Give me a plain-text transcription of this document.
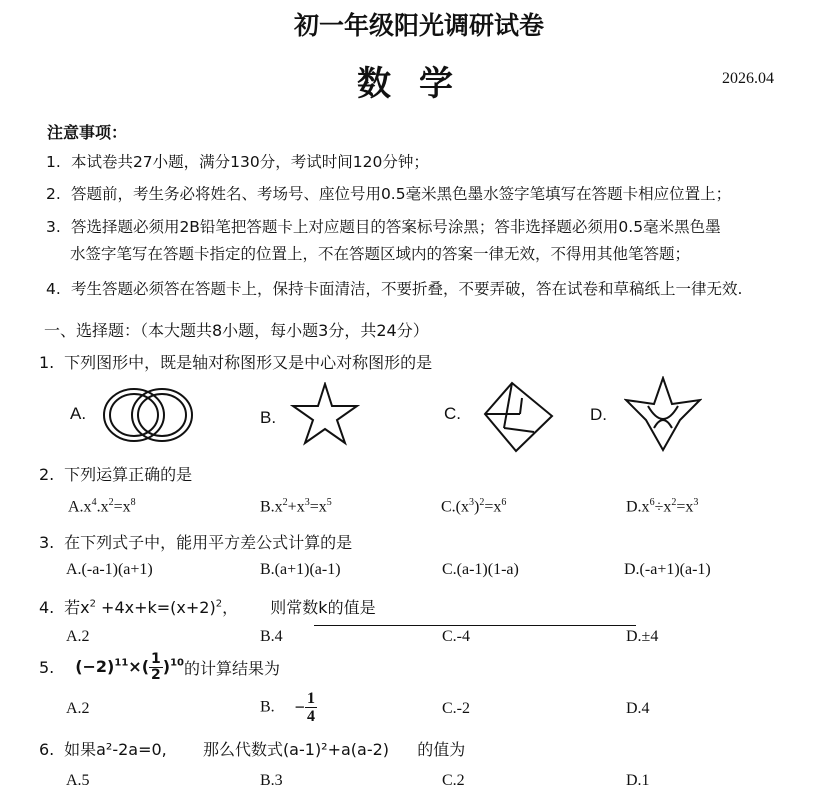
初一年级阳光调研试卷
数学	2026.04
注意事项：
1. 本试卷共27小题，满分130分，考试时间120分钟；
2. 答题前，考生务必将姓名、考场号、座位号用0.5毫米黑色墨水签字笔填写在答题卡相应位置上；
3. 答选择题必须用2B铅笔把答题卡上对应题目的答案标号涂黑；答非选择题必须用0.5毫米黑色墨
水签字笔写在答题卡指定的位置上，不在答题区域内的答案一律无效，不得用其他笔答题；
4. 考生答题必须答在答题卡上，保持卡面清洁，不要折叠，不要弄破，答在试卷和草稿纸上一律无效.
一、选择题：（本大题共8小题，每小题3分，共24分）
1. 下列图形中，既是轴对称图形又是中心对称图形的是
A.	B.	C.	D.
2. 下列运算正确的是
$A.x^4.x^2=x^8$	$B.x^2+x^3=x^5$	$C.(x^3)^2=x^6$	$D.x^6\div x^2=x^3$
3. 在下列式子中，能用平方差公式计算的是
A.(-a-1)(a+1)	B.(a+1)(a-1)	C.(a-1)(1-a)	D.(-a+1)(a-1)
4. 若$x^2 +4x+k=(x+2)^2$， 则常数k的值是
A.2	B.4	C.-4	D.±4
5. $(-2)^{11}\times( \frac{1}{2} )^{10}$的计算结果为
A.2	B. − $\frac{1}{4}$	C.-2	D.4
6. 如果a²-2a=0, 那么代数式(a-1)²+a(a-2) 的值为
A.5	B.3	C.2	D.1
